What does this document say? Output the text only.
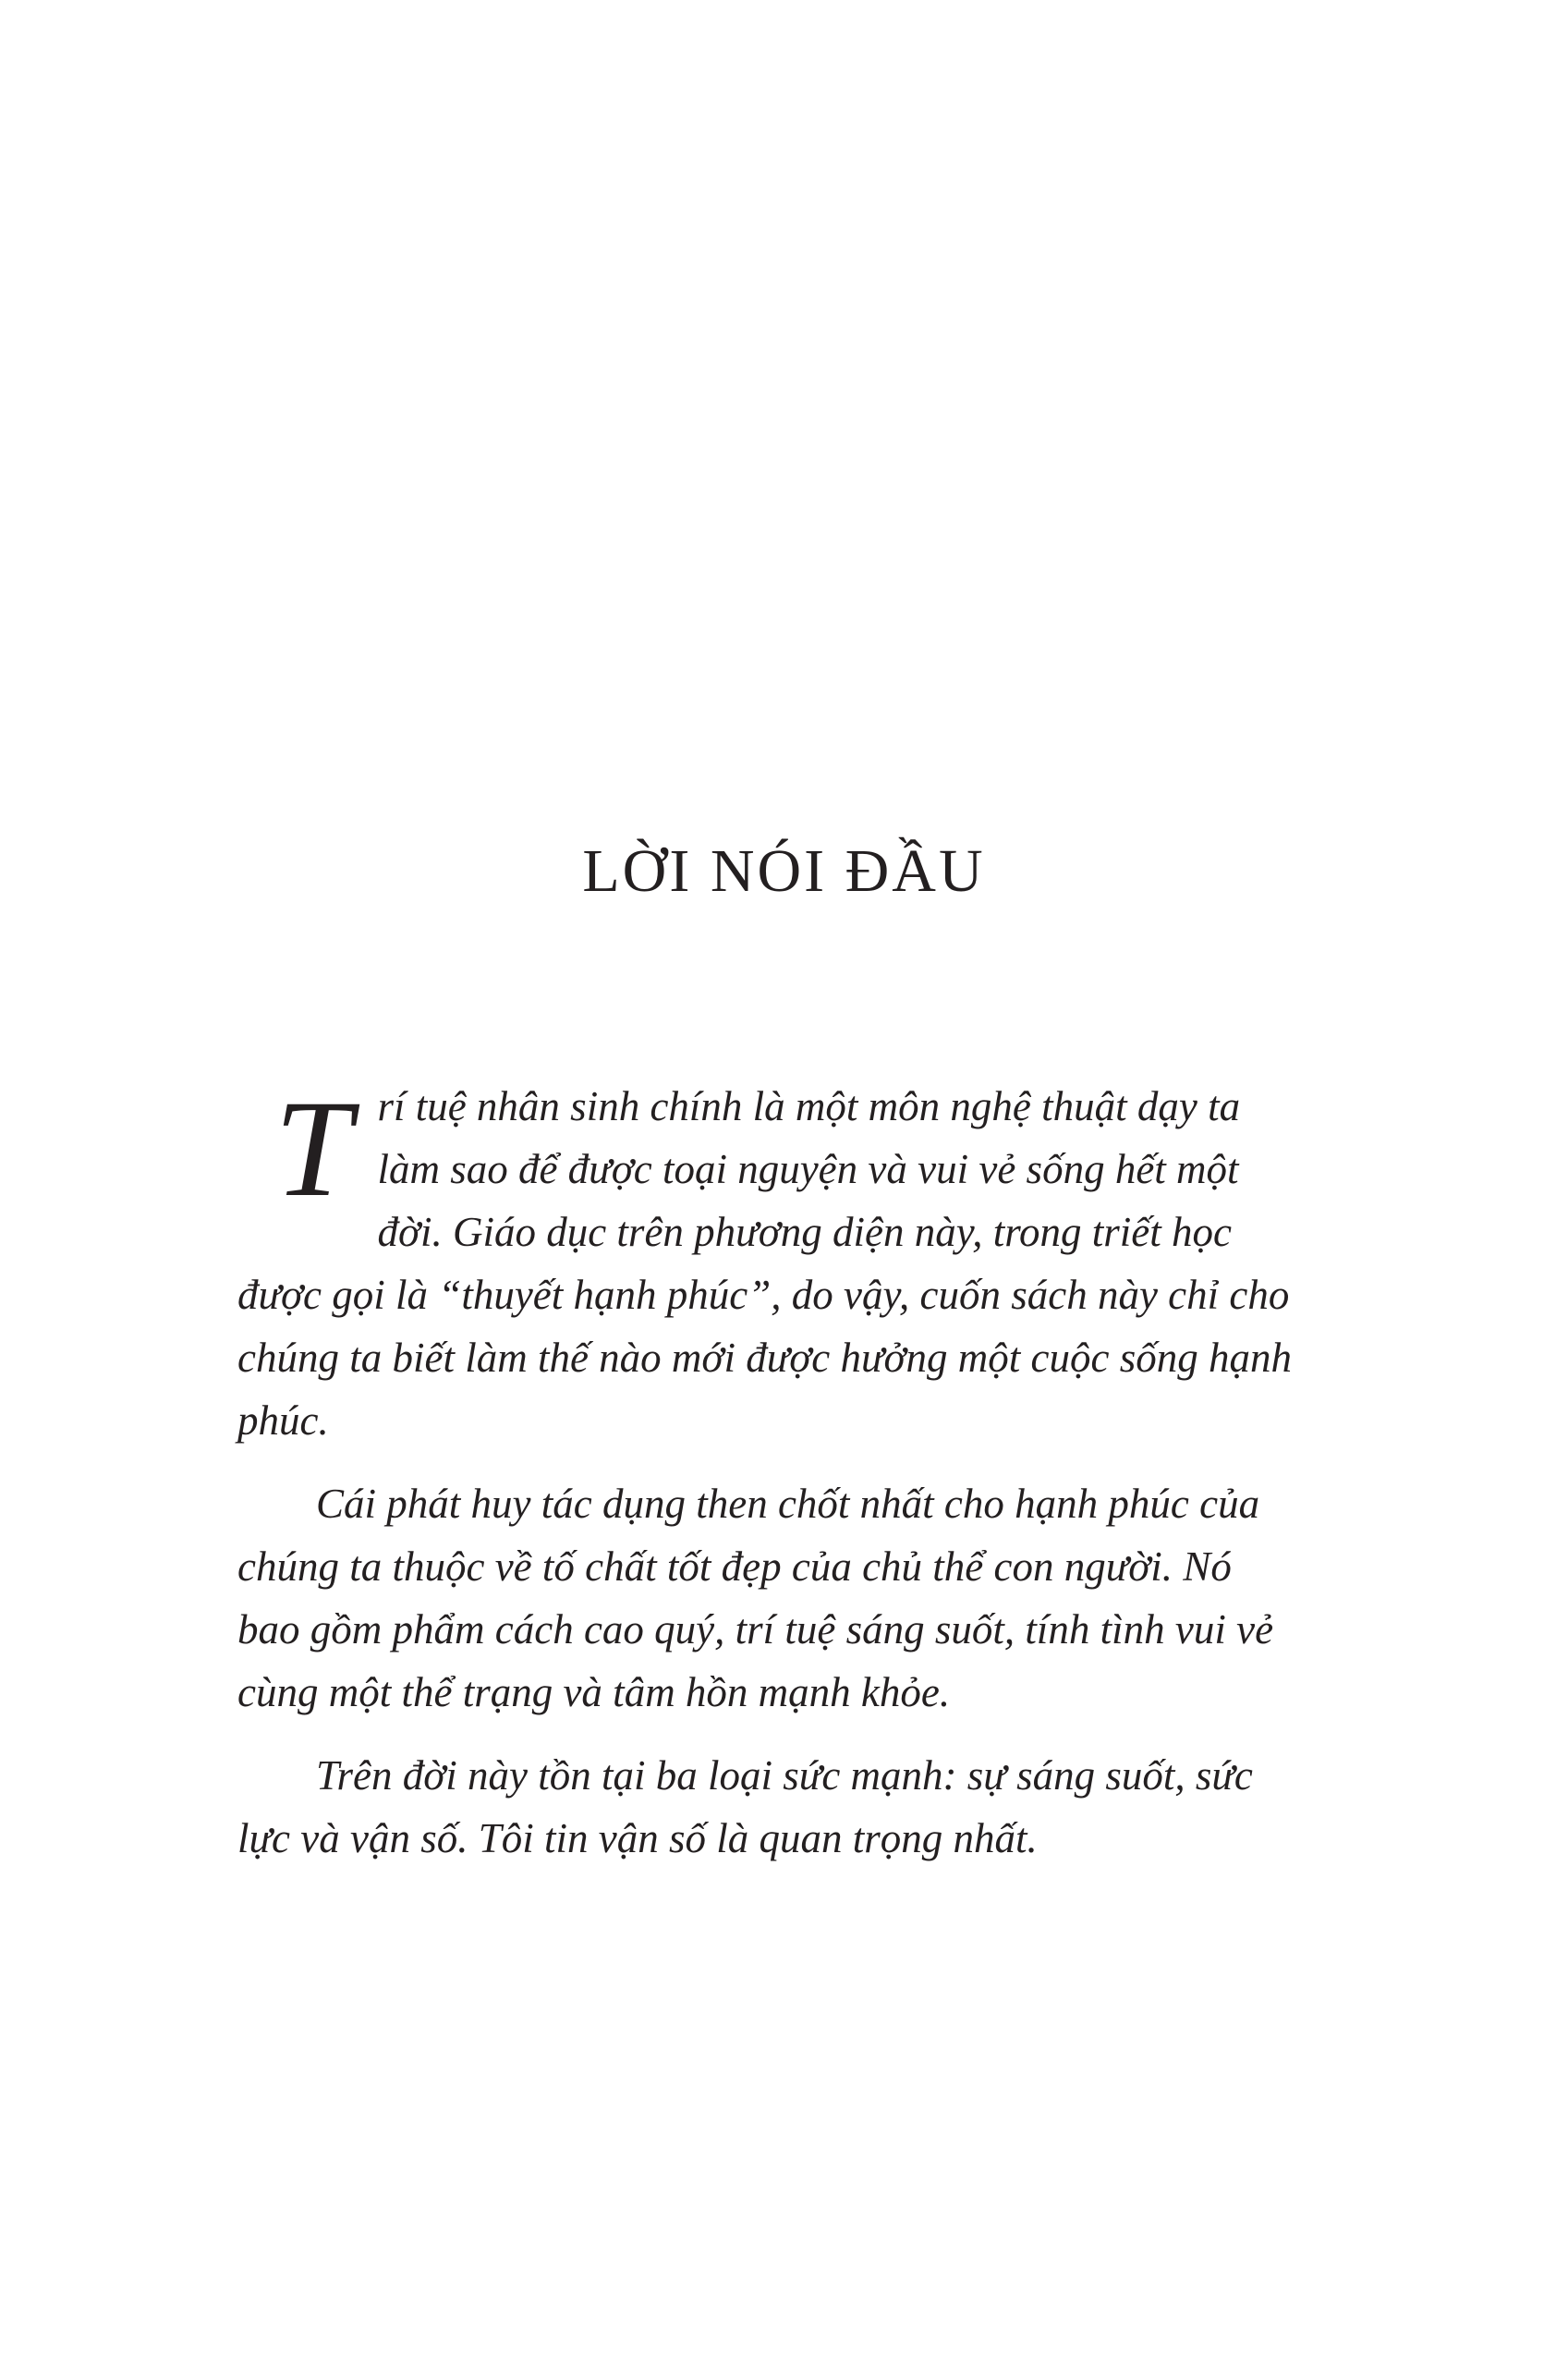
LỜI NÓI ĐẦU

Trí tuệ nhân sinh chính là một môn nghệ thuật dạy ta làm sao để được toại nguyện và vui vẻ sống hết một đời. Giáo dục trên phương diện này, trong triết học được gọi là “thuyết hạnh phúc”, do vậy, cuốn sách này chỉ cho chúng ta biết làm thế nào mới được hưởng một cuộc sống hạnh phúc.

Cái phát huy tác dụng then chốt nhất cho hạnh phúc của chúng ta thuộc về tố chất tốt đẹp của chủ thể con người. Nó bao gồm phẩm cách cao quý, trí tuệ sáng suốt, tính tình vui vẻ cùng một thể trạng và tâm hồn mạnh khỏe.

Trên đời này tồn tại ba loại sức mạnh: sự sáng suốt, sức lực và vận số. Tôi tin vận số là quan trọng nhất.
